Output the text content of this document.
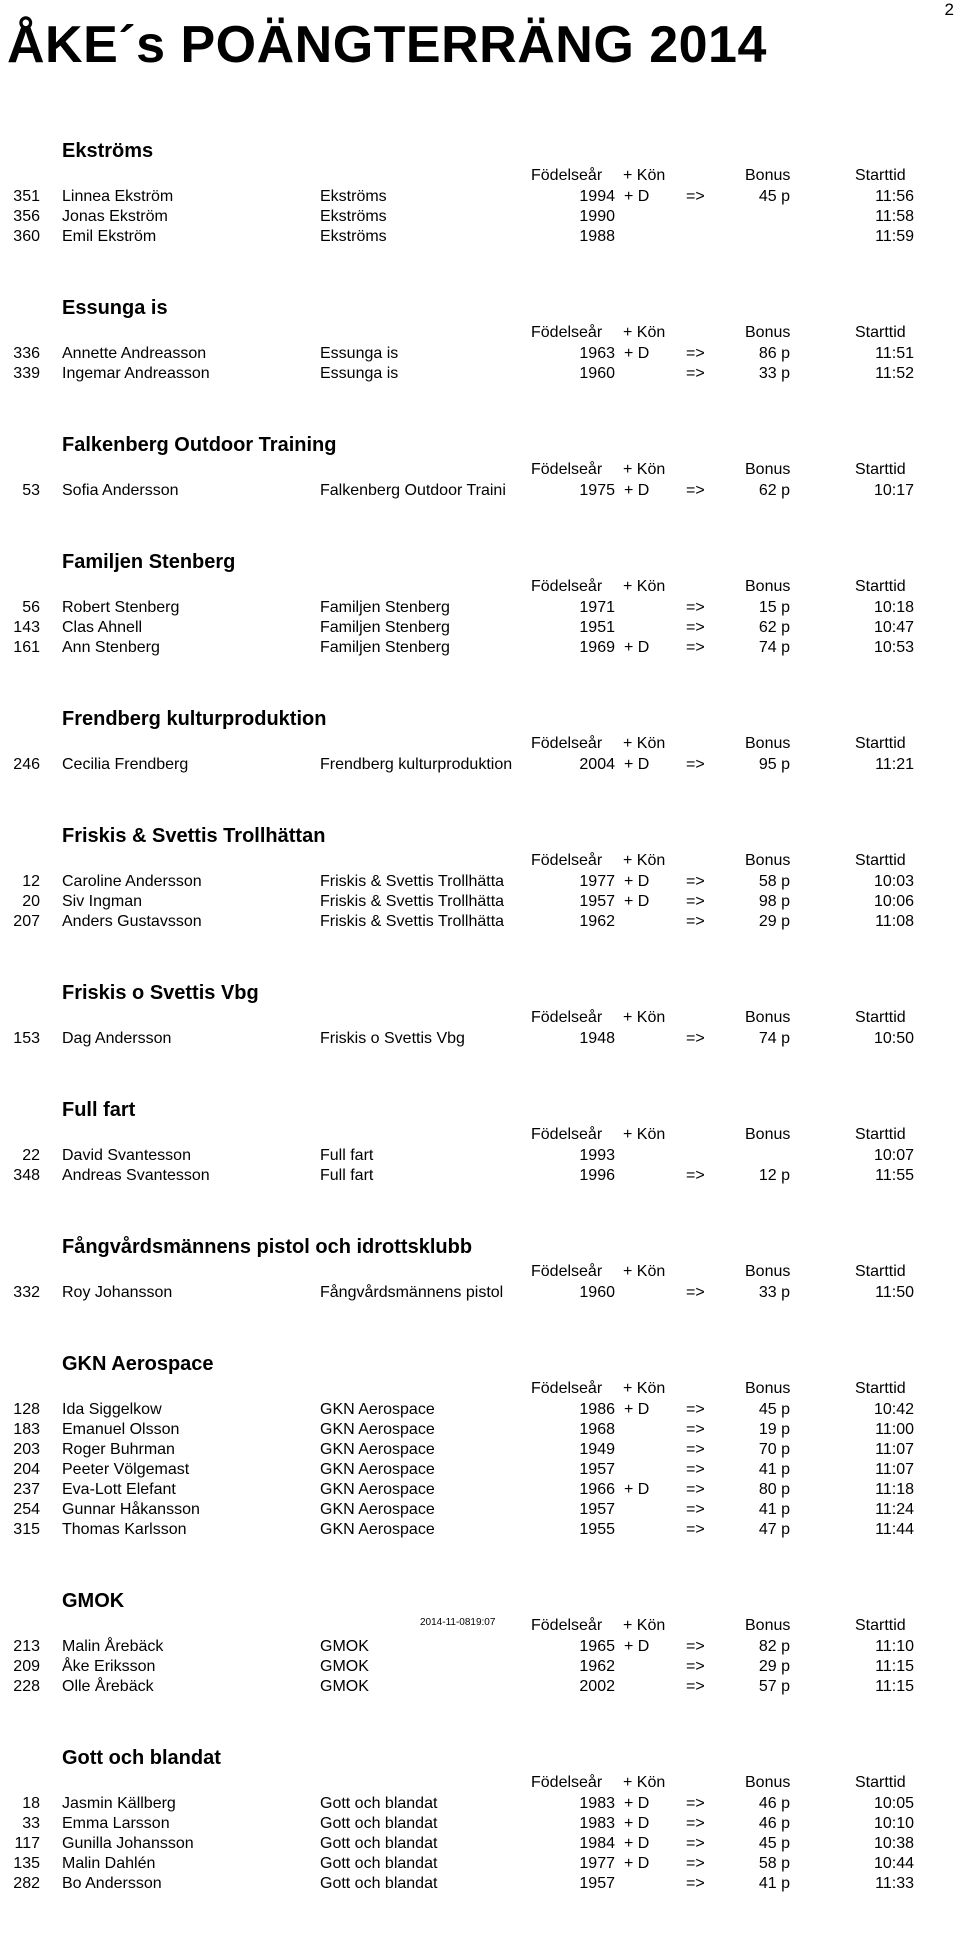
2
ÅKE´s POÄNGTERRÄNG 2014
Ekströms
Födelseår	+ Kön	Bonus	Starttid
351 Linnea Ekström	Ekströms	1994 + D =>	45 p	11:56
356 Jonas Ekström	Ekströms	1990	11:58
360 Emil Ekström	Ekströms	1988	11:59
Essunga is
Födelseår	+ Kön	Bonus	Starttid
336 Annette Andreasson	Essunga is	1963 + D =>	86 p	11:51
339 Ingemar Andreasson	Essunga is	1960	=>	33 p	11:52
Falkenberg Outdoor Training
Födelseår	+ Kön	Bonus	Starttid
53 Sofia Andersson	Falkenberg Outdoor Traini	1975 + D =>	62 p	10:17
Familjen Stenberg
Födelseår	+ Kön	Bonus	Starttid
56 Robert Stenberg	Familjen Stenberg	1971	=>	15 p	10:18
143 Clas Ahnell	Familjen Stenberg	1951	=>	62 p	10:47
161 Ann Stenberg	Familjen Stenberg	1969 + D =>	74 p	10:53
Frendberg kulturproduktion
Födelseår	+ Kön	Bonus	Starttid
246 Cecilia Frendberg	Frendberg kulturproduktion	2004 + D =>	95 p	11:21
Friskis & Svettis Trollhättan
Födelseår	+ Kön	Bonus	Starttid
12 Caroline Andersson	Friskis & Svettis Trollhätta	1977 + D =>	58 p	10:03
20 Siv Ingman	Friskis & Svettis Trollhätta	1957 + D =>	98 p	10:06
207 Anders Gustavsson	Friskis & Svettis Trollhätta	1962	=>	29 p	11:08
Friskis o Svettis Vbg
Födelseår	+ Kön	Bonus	Starttid
153 Dag Andersson	Friskis o Svettis Vbg	1948	=>	74 p	10:50
Full fart
Födelseår	+ Kön	Bonus	Starttid
22 David Svantesson	Full fart	1993	10:07
348 Andreas Svantesson	Full fart	1996	=>	12 p	11:55
Fångvårdsmännens pistol och idrottsklubb
Födelseår	+ Kön	Bonus	Starttid
332 Roy Johansson	Fångvårdsmännens pistol	1960	=>	33 p	11:50
GKN Aerospace
Födelseår	+ Kön	Bonus	Starttid
128 Ida Siggelkow	GKN Aerospace	1986 + D =>	45 p	10:42
183 Emanuel Olsson	GKN Aerospace	1968	=>	19 p	11:00
203 Roger Buhrman	GKN Aerospace	1949	=>	70 p	11:07
204 Peeter Völgemast	GKN Aerospace	1957	=>	41 p	11:07
237 Eva-Lott Elefant	GKN Aerospace	1966 + D =>	80 p	11:18
254 Gunnar Håkansson	GKN Aerospace	1957	=>	41 p	11:24
315 Thomas Karlsson	GKN Aerospace	1955	=>	47 p	11:44
GMOK
Födelseår	+ Kön	Bonus	Starttid
213 Malin Årebäck	GMOK	1965 + D =>	82 p	11:10
209 Åke Eriksson	GMOK	1962	=>	29 p	11:15
228 Olle Årebäck	GMOK	2002	=>	57 p	11:15
Gott och blandat
Födelseår	+ Kön	Bonus	Starttid
18 Jasmin Källberg	Gott och blandat	1983 + D =>	46 p	10:05
33 Emma Larsson	Gott och blandat	1983 + D =>	46 p	10:10
117 Gunilla Johansson	Gott och blandat	1984 + D =>	45 p	10:38
135 Malin Dahlén	Gott och blandat	1977 + D =>	58 p	10:44
282 Bo Andersson	Gott och blandat	1957	=>	41 p	11:33
2014-11-0819:07
